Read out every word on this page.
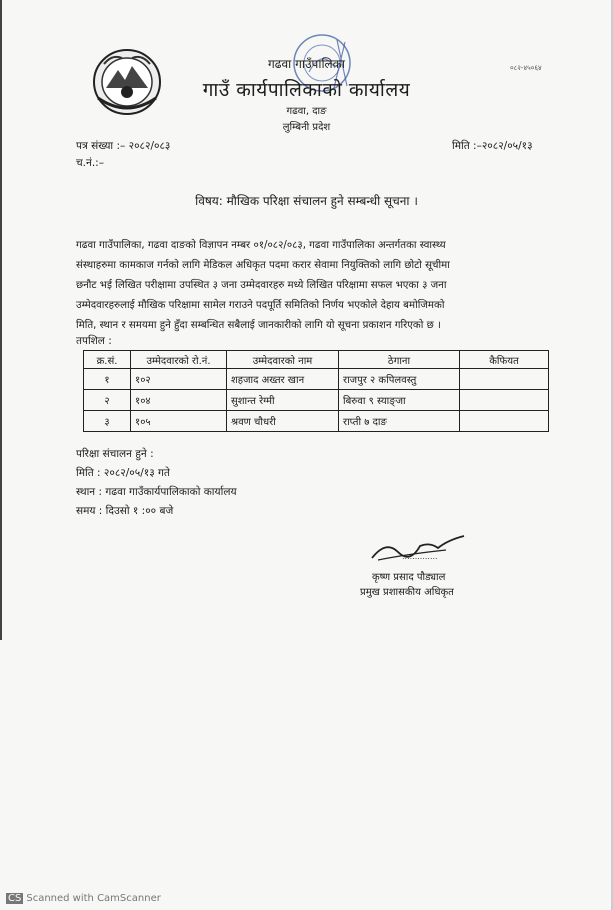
०८२-४५०६४
गढवा गाउँपालिका
गाउँ कार्यपालिकाको कार्यालय
गढवा, दाङ
लुम्बिनी प्रदेश
पत्र संख्या :– २०८२/०८३
च.नं.:–
मिति :–२०८२/०५/१३
विषय: मौखिक परिक्षा संचालन हुने सम्बन्धी सूचना ।
गढवा गाउँपालिका, गढवा दाङको विज्ञापन नम्बर ०१/०८२/०८३, गढवा गाउँपालिका अन्तर्गतका स्वास्थ्य
संस्थाहरुमा कामकाज गर्नको लागि मेडिकल अधिकृत पदमा करार सेवामा नियुक्तिको लागि छोटो सूचीमा
छनौट भई लिखित परीक्षामा उपस्थित ३ जना उम्मेदवारहरु मध्ये लिखित परिक्षामा सफल भएका ३ जना
उम्मेदवारहरुलाई मौखिक परिक्षामा सामेल गराउने पदपूर्ति समितिको निर्णय भएकोले देहाय बमोजिमको
मिति, स्थान र समयमा हुने हुँदा सम्बन्धित सबैलाई जानकारीको लागि यो सूचना प्रकाशन गरिएको छ ।
तपशिल :
क्र.सं.	उम्मेदवारको रो.नं.	उम्मेदवारको नाम	ठेगाना	कैफियत
१	१०२	शहजाद अख्तर खान	राजपुर २ कपिलवस्तु	
२	१०४	सुशान्त रेग्मी	बिरुवा ९ स्याङ्जा	
३	१०५	श्रवण चौधरी	राप्ती ७ दाङ	
परिक्षा संचालन हुने :
मिति : २०८२/०५/१३ गते
स्थान : गढवा गाउँकार्यपालिकाको कार्यालय
समय : दिउसो १ :०० बजे
..............
कृष्ण प्रसाद पौड्याल
प्रमुख प्रशासकीय अधिकृत
CS Scanned with CamScanner
